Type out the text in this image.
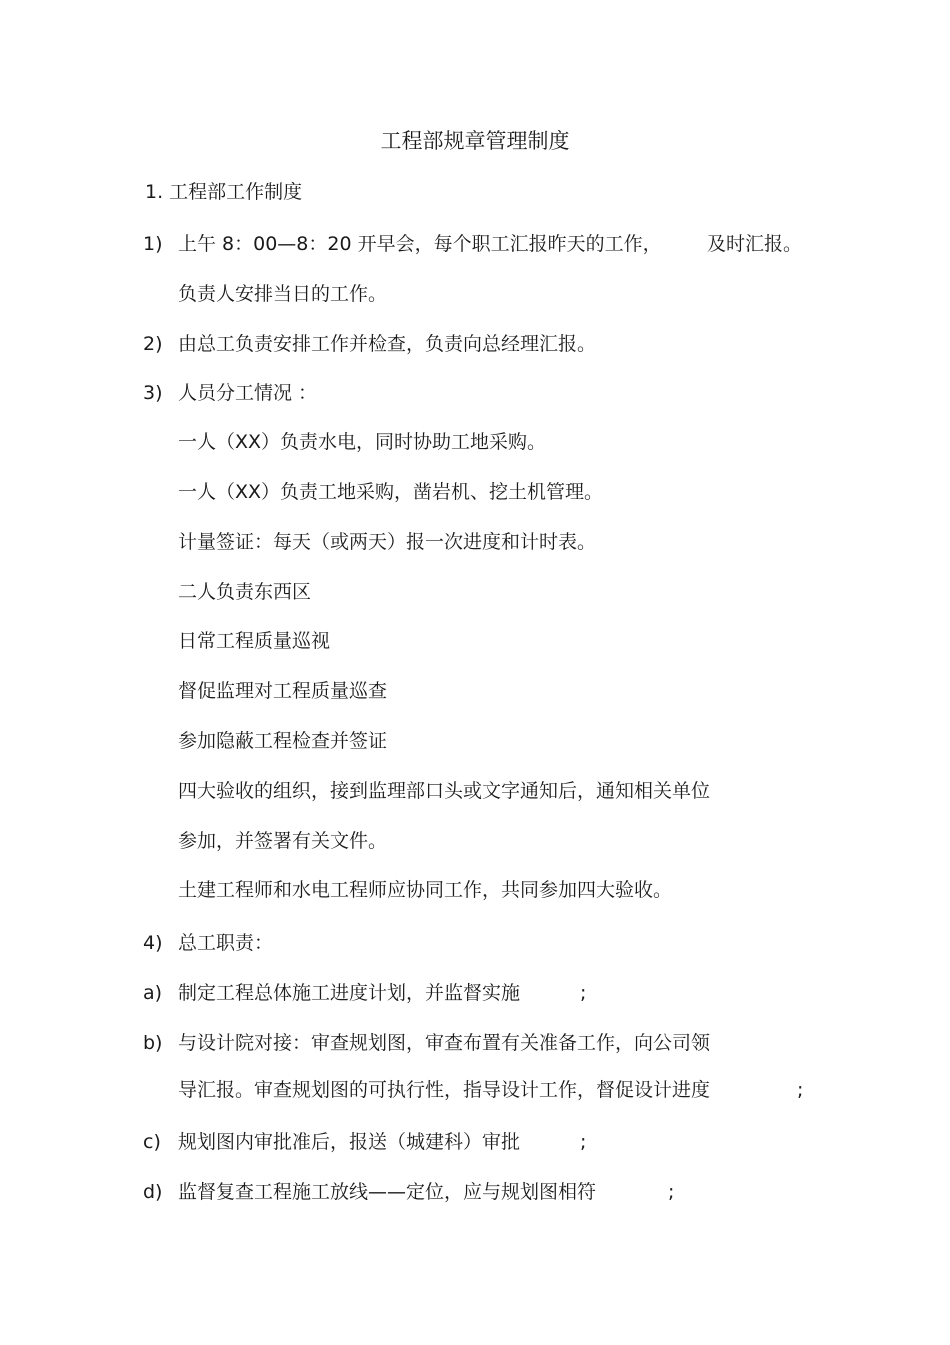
工程部规章管理制度
1. 工程部工作制度
1) 上午 8：00—8：20 开早会，每个职工汇报昨天的工作， 及时汇报。
负责人安排当日的工作。
2) 由总工负责安排工作并检查，负责向总经理汇报。
3) 人员分工情况 ：
一人（XX）负责水电，同时协助工地采购。
一人（XX）负责工地采购，凿岩机、挖土机管理。
计量签证：每天（或两天）报一次进度和计时表。
二人负责东西区
日常工程质量巡视
督促监理对工程质量巡查
参加隐蔽工程检查并签证
四大验收的组织，接到监理部口头或文字通知后，通知相关单位
参加，并签署有关文件。
土建工程师和水电工程师应协同工作，共同参加四大验收。
4) 总工职责：
a) 制定工程总体施工进度计划，并监督实施	;
b) 与设计院对接：审查规划图，审查布置有关准备工作，向公司领
导汇报。审查规划图的可执行性，指导设计工作，督促设计进度	;
c) 规划图内审批准后，报送（城建科）审批	;
d) 监督复查工程施工放线——定位，应与规划图相符	;
